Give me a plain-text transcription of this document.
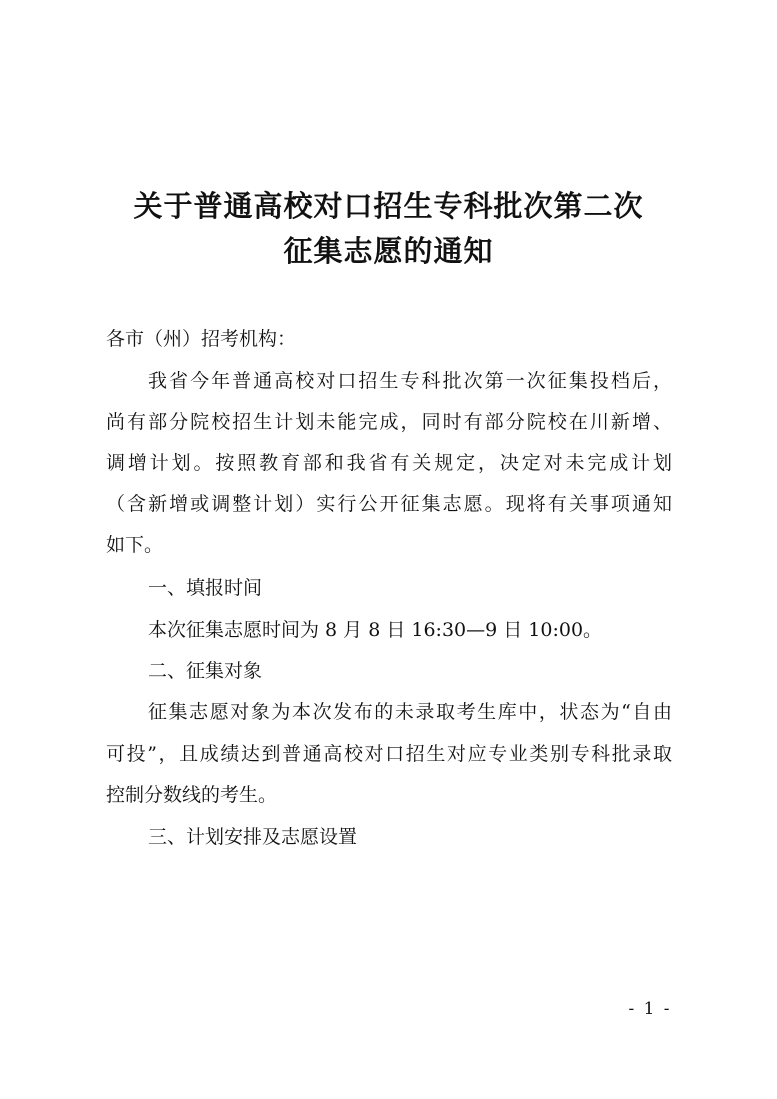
关于普通高校对口招生专科批次第二次
征集志愿的通知
各市（州）招考机构：
我省今年普通高校对口招生专科批次第一次征集投档后，
尚有部分院校招生计划未能完成，同时有部分院校在川新增、
调增计划。按照教育部和我省有关规定，决定对未完成计划
（含新增或调整计划）实行公开征集志愿。现将有关事项通知
如下。
一、填报时间
本次征集志愿时间为 8 月 8 日 16:30—9 日 10:00。
二、征集对象
征集志愿对象为本次发布的未录取考生库中，状态为“自由
可投”，且成绩达到普通高校对口招生对应专业类别专科批录取
控制分数线的考生。
三、计划安排及志愿设置
- 1 -
